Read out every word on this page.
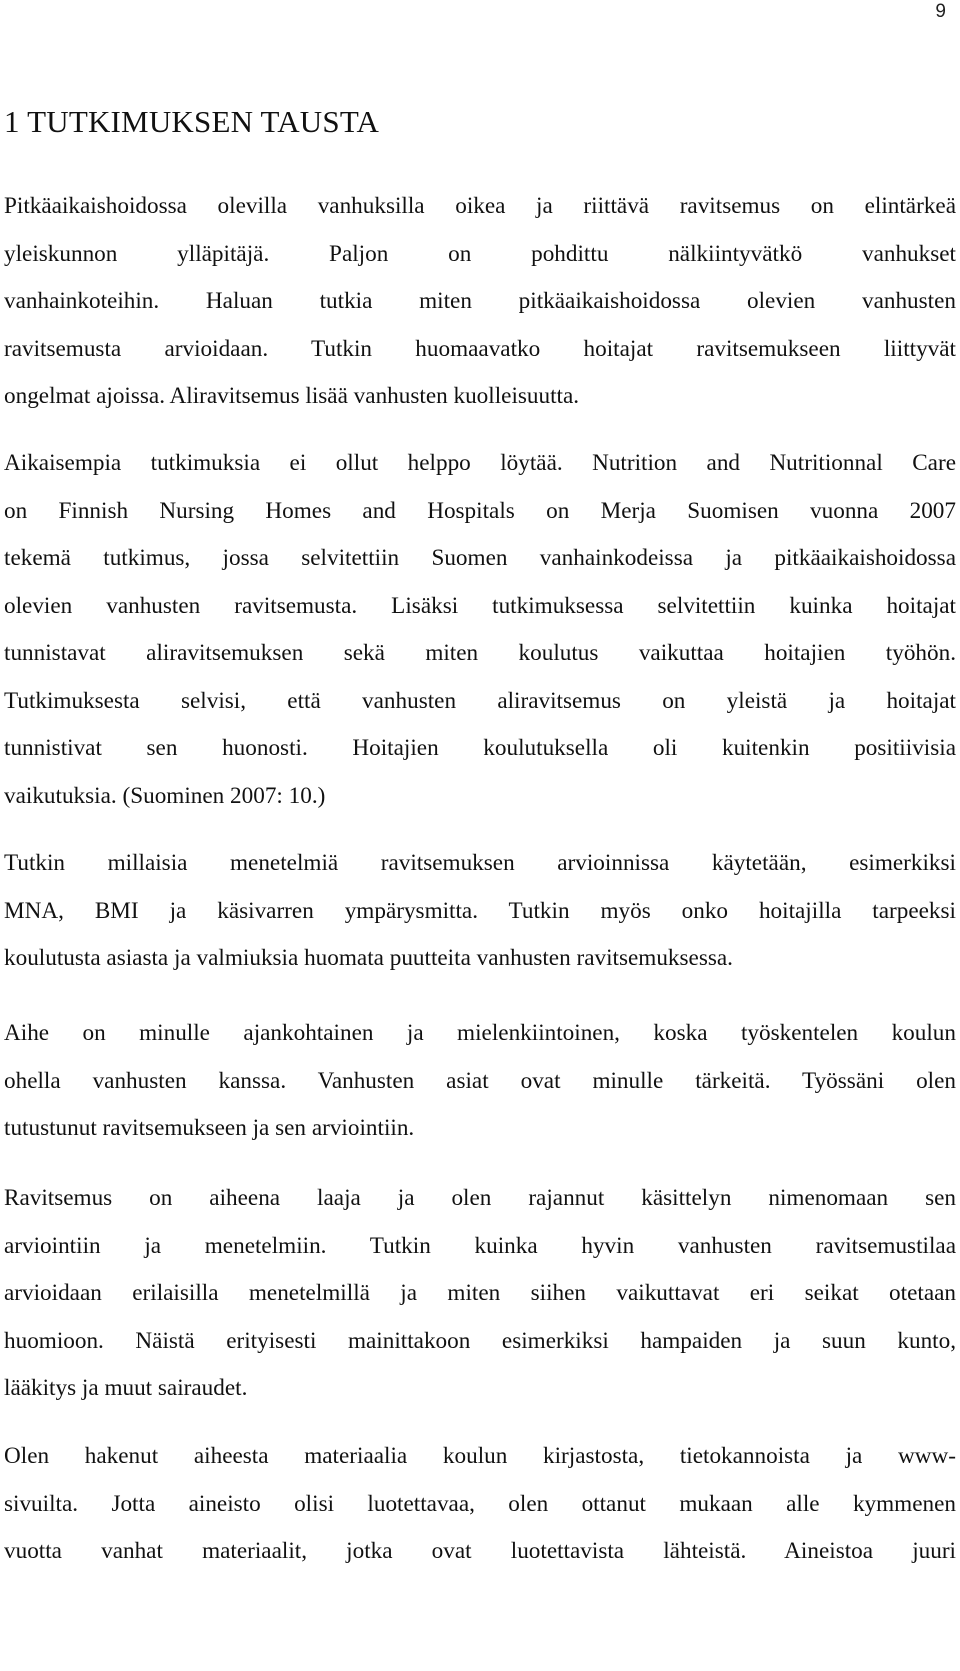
9
1 TUTKIMUKSEN TAUSTA

Pitkäaikaishoidossa olevilla vanhuksilla oikea ja riittävä ravitsemus on elintärkeä
yleiskunnon ylläpitäjä. Paljon on pohdittu nälkiintyvätkö vanhukset
vanhainkoteihin. Haluan tutkia miten pitkäaikaishoidossa olevien vanhusten
ravitsemusta arvioidaan. Tutkin huomaavatko hoitajat ravitsemukseen liittyvät
ongelmat ajoissa. Aliravitsemus lisää vanhusten kuolleisuutta.

Aikaisempia tutkimuksia ei ollut helppo löytää. Nutrition and Nutritionnal Care
on Finnish Nursing Homes and Hospitals on Merja Suomisen vuonna 2007
tekemä tutkimus, jossa selvitettiin Suomen vanhainkodeissa ja pitkäaikaishoidossa
olevien vanhusten ravitsemusta. Lisäksi tutkimuksessa selvitettiin kuinka hoitajat
tunnistavat aliravitsemuksen sekä miten koulutus vaikuttaa hoitajien työhön.
Tutkimuksesta selvisi, että vanhusten aliravitsemus on yleistä ja hoitajat
tunnistivat sen huonosti. Hoitajien koulutuksella oli kuitenkin positiivisia
vaikutuksia. (Suominen 2007: 10.)

Tutkin millaisia menetelmiä ravitsemuksen arvioinnissa käytetään, esimerkiksi
MNA, BMI ja käsivarren ympärysmitta. Tutkin myös onko hoitajilla tarpeeksi
koulutusta asiasta ja valmiuksia huomata puutteita vanhusten ravitsemuksessa.

Aihe on minulle ajankohtainen ja mielenkiintoinen, koska työskentelen koulun
ohella vanhusten kanssa. Vanhusten asiat ovat minulle tärkeitä. Työssäni olen
tutustunut ravitsemukseen ja sen arviointiin.

Ravitsemus on aiheena laaja ja olen rajannut käsittelyn nimenomaan sen
arviointiin ja menetelmiin. Tutkin kuinka hyvin vanhusten ravitsemustilaa
arvioidaan erilaisilla menetelmillä ja miten siihen vaikuttavat eri seikat otetaan
huomioon. Näistä erityisesti mainittakoon esimerkiksi hampaiden ja suun kunto,
lääkitys ja muut sairaudet.

Olen hakenut aiheesta materiaalia koulun kirjastosta, tietokannoista ja www-
sivuilta. Jotta aineisto olisi luotettavaa, olen ottanut mukaan alle kymmenen
vuotta vanhat materiaalit, jotka ovat luotettavista lähteistä. Aineistoa juuri
